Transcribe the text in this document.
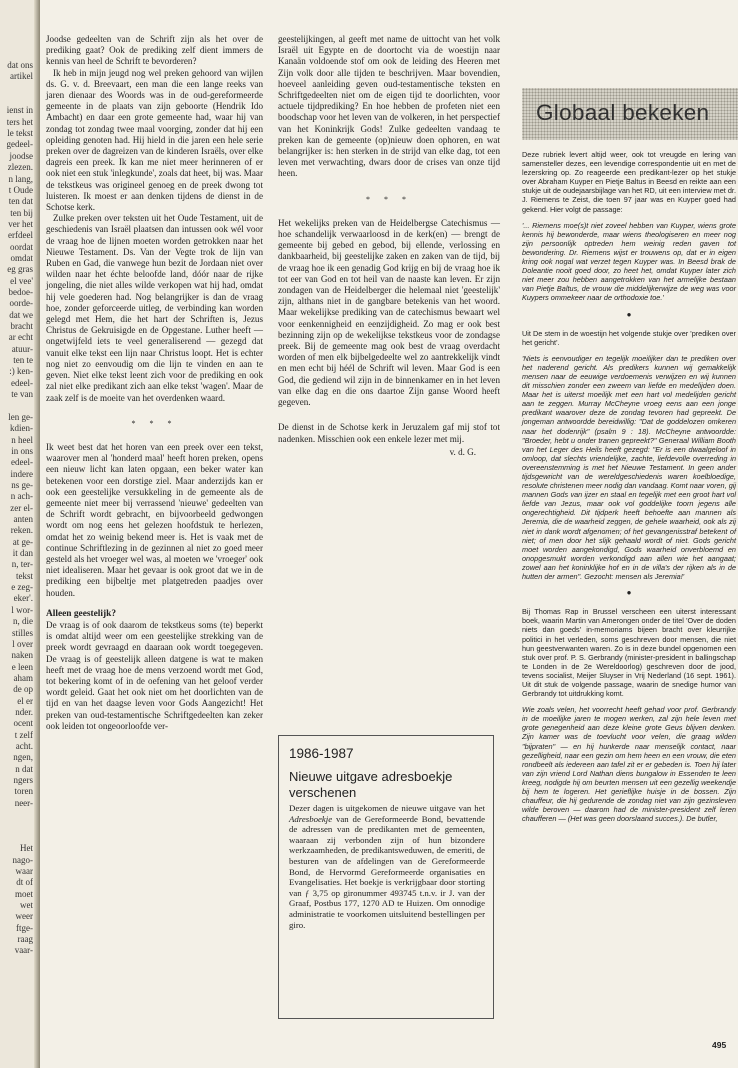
dat ons
artikel
ienst in
ters het
le tekst
gedeel-
joodse
zlezen.
n lang,
t Oude
ten dat
ten bij
ver het
erfdeel
oordat
omdat
eg gras
el vee'
bedoe-
oorde-
dat we
bracht
ar echt
atuur-
ten te
:) ken-
edeel-
te van
len ge-
kdien-
n heel
in ons
edeel-
indere
ns ge-
n ach-
zer el-
anten
reken.
at ge-
it dan
n, ter-
tekst
e zeg-
eker'.
l wor-
n, die
stilles
l over
naken
e leen
aham
de op
el er
nder.
ocent
t zelf
acht.
ngen,
n dat
ngers
toren
neer-
Het
nago-
waar
dt of
moet
wet
weer
ftge-
raag
vaar-

Joodse gedeelten van de Schrift zijn als het over de prediking gaat? Ook de prediking zelf dient immers de kennis van heel de Schrift te bevorderen?

Ik heb in mijn jeugd nog wel preken gehoord van wijlen ds. G. v. d. Breevaart, een man die een lange reeks van jaren dienaar des Woords was in de oud-gereformeerde gemeente in de plaats van zijn geboorte (Hendrik Ido Ambacht) en daar een grote gemeente had, waar hij van zondag tot zondag twee maal voorging, zonder dat hij een opleiding genoten had. Hij hield in die jaren een hele serie preken over de dagreizen van de kinderen Israëls, over elke dagreis een preek. Ik kan me niet meer herinneren of er ook niet een stuk 'inlegkunde', zoals dat heet, bij was. Maar de tekstkeus was origineel genoeg en de preek dwong tot luisteren. Ik moest er aan denken tijdens de dienst in de Schotse kerk.

Zulke preken over teksten uit het Oude Testament, uit de geschiedenis van Israël plaatsen dan intussen ook wél voor de vraag hoe de lijnen moeten worden getrokken naar het Nieuwe Testament. Ds. Van der Vegte trok de lijn van Ruben en Gad, die vanwege hun bezit de Jordaan niet over wilden naar het échte beloofde land, dóór naar de rijke jongeling, die niet alles wilde verkopen wat hij had, omdat hij vele goederen had. Nog belangrijker is dan de vraag hoe, zonder geforceerde uitleg, de verbinding kan worden gelegd met Hem, die het hart der Schriften is, Jezus Christus de Gekruisigde en de Opgestane. Luther heeft — ongetwijfeld iets te veel generaliserend — gezegd dat vanuit elke tekst een lijn naar Christus loopt. Het is echter nog niet zo eenvoudig om die lijn te vinden en aan te geven. Niet elke tekst leent zich voor de prediking en ook zal niet elke predikant zich aan elke tekst 'wagen'. Maar de zaak zelf is de moeite van het overdenken waard.

* * *

Ik weet best dat het horen van een preek over een tekst, waarover men al 'honderd maal' heeft horen preken, opens een nieuw licht kan laten opgaan, een beker water kan betekenen voor een dorstige ziel. Maar anderzijds kan er ook een geestelijke versukkeling in de gemeente als de gemeente niet meer bij verrassend 'nieuwe' gedeelten van de Schrift wordt gebracht, en bijvoorbeeld gedwongen wordt om nog eens het gelezen hoofdstuk te herlezen, omdat het zo weinig bekend meer is. Het is vaak met de continue Schriftlezing in de gezinnen al niet zo goed meer gesteld als het vroeger wel was, al moeten we 'vroeger' ook niet idealiseren. Maar het gevaar is ook groot dat we in de prediking een bijbeltje met platgetreden paadjes over houden.

Alleen geestelijk?

De vraag is of ook daarom de tekstkeus soms (te) beperkt is omdat altijd weer om een geestelijke strekking van de preek wordt gevraagd en daaraan ook wordt toegegeven. De vraag is of geestelijk alleen datgene is wat te maken heeft met de vraag hoe de mens verzoend wordt met God, tot bekering komt of in de oefening van het geloof verder wordt geleid. Gaat het ook niet om het doorlichten van de tijd en van het daagse leven voor Gods Aangezicht! Het preken van oud-testamentische Schriftgedeelten kan zeker ook leiden tot ongeoorloofde ver-

geestelijkingen, al geeft met name de uittocht van het volk Israël uit Egypte en de doortocht via de woestijn naar Kanaän voldoende stof om ook de leiding des Heeren met Zijn volk door alle tijden te beschrijven. Maar bovendien, hoeveel aanleiding geven oud-testamentische teksten en Schriftgedeelten niet om de eigen tijd te doorlichten, voor actuele tijdprediking? En hoe hebben de profeten niet een boodschap voor het leven van de volkeren, in het perspectief van het Koninkrijk Gods! Zulke gedeelten vandaag te preken kan de gemeente (op)nieuw doen ophoren, en wat belangrijker is: hen sterken in de strijd van elke dag, tot een leven met verwachting, dwars door de crises van onze tijd heen.

* * *

Het wekelijks preken van de Heidelbergse Catechismus — hoe schandelijk verwaarloosd in de kerk(en) — brengt de gemeente bij gebed en gebod, bij ellende, verlossing en dankbaarheid, bij geestelijke zaken en zaken van de tijd, bij de vraag hoe ik een genadig God krijg en bij de vraag hoe ik tot eer van God en tot heil van de naaste kan leven. Er zijn zondagen van de Heidelberger die helemaal niet 'geestelijk' zijn, althans niet in de gangbare betekenis van het woord. Maar wekelijkse prediking van de catechismus bewaart wel voor eenkennigheid en eenzijdigheid. Zo mag er ook best bezinning zijn op de wekelijkse tekstkeus voor de zondagse preek. Bij de gemeente mag ook best de vraag overdacht worden of men elk bijbelgedeelte wel zo aantrekkelijk vindt en men echt bij héél de Schrift wil leven. Maar God is een God, die gediend wil zijn in de binnenkamer en in het leven van elke dag en die ons daartoe Zijn ganse Woord heeft gegeven.

De dienst in de Schotse kerk in Jeruzalem gaf mij stof tot nadenken. Misschien ook een enkele lezer met mij.

v. d. G.
1986-1987
Nieuwe uitgave adresboekje verschenen

Dezer dagen is uitgekomen de nieuwe uitgave van het Adresboekje van de Gereformeerde Bond, bevattende de adressen van de predikanten met de gemeenten, waaraan zij verbonden zijn of hun bizondere werkzaamheden, de predikantsweduwen, de emeriti, de besturen van de afdelingen van de Gereformeerde Bond, de Hervormd Gereformeerde organisaties en Evangelisaties. Het boekje is verkrijgbaar door storting van ƒ 3,75 op gironummer 493745 t.n.v. ir J. van der Graaf, Postbus 177, 1270 AD te Huizen. Om onnodige administratie te voorkomen uitsluitend bestellingen per giro.

Globaal bekeken

Deze rubriek levert altijd weer, ook tot vreugde en lering van samensteller dezes, een levendige correspondentie uit en met de lezerskring op. Zo reageerde een predikant-lezer op het stukje over Abraham Kuyper en Pietje Baltus in Beesd en reikte aan een stukje uit de oudejaarsbijlage van het RD, uit een interview met dr. J. Riemens te Zeist, die toen 97 jaar was en Kuyper goed had gekend. Hier volgt de passage:

'... Riemens moe(s)t niet zoveel hebben van Kuyper, wiens grote kennis hij bewonderde, maar wiens theologiseren en meer nog zijn persoonlijk optreden hem weinig reden gaven tot bewondering. Dr. Riemens wijst er trouwens op, dat er in eigen kring ook nogal wat verzet tegen Kuyper was. In Beesd brak de Doleantie nooit goed door, zo heet het, omdat Kuyper later zich niet meer zou hebben aangetrokken van het armelijke bestaan van Pietje Baltus, de vrouw die middelijkerwijze de weg was voor Kuypers ommekeer naar de orthodoxie toe.'

●

Uit De stem in de woestijn het volgende stukje over 'prediken over het gericht'.

'Niets is eenvoudiger en tegelijk moeilijker dan te prediken over het naderend gericht. Als predikers kunnen wij gemakkelijk mensen naar de eeuwige verdoemenis verwijzen en wij kunnen dit misschien zonder een zweem van liefde en medelijden doen. Maar het is uiterst moeilijk met een hart vol medelijden gericht aan te zeggen. Murray McCheyne vroeg eens aan een jonge predikant waarover deze de zondag tevoren had gepreekt. De jongeman antwoordde bereidwillig: "Dat de goddelozen omkeren naar het dodenrijk" (psalm 9 : 18). McCheyne antwoordde: "Broeder, hebt u onder tranen gepreekt?" Generaal William Booth van het Leger des Heils heeft gezegd: "Er is een dwaalgeloof in omloop, dat slechts vriendelijke, zachte, liefdevolle overreding in overeenstemming is met het Nieuwe Testament. In geen ander tijdsgewricht van de wereldgeschiedenis waren koelbloedige, resolute christenen meer nodig dan vandaag. Komt naar voren, gij mannen Gods van ijzer en staal en tegelijk met een groot hart vol liefde van Jezus, maar ook vol goddelijke toorn jegens alle ongerechtigheid. Dit tijdperk heeft behoefte aan mannen als Jeremia, die de waarheid zeggen, de gehele waarheid, ook als zij niet in dank wordt afgenomen; of het gevangenisstraf betekent of niet; of men door het slijk gehaald wordt of niet. Gods gericht moet worden aangekondigd, Gods waarheid onverbloemd en onopgesmukt worden verkondigd aan allen wie het aangaat; zowel aan het koninklijke hof en in de villa's der rijken als in de hutten der armen". Gezocht: mensen als Jeremia!'

●

Bij Thomas Rap in Brussel verscheen een uiterst interessant boek, waarin Martin van Amerongen onder de titel 'Over de doden niets dan goeds' in-memoriams bijeen bracht over kleurrijke politici in het verleden, soms geschreven door mensen, die niet hun geestverwanten waren. Zo is in deze bundel opgenomen een stuk over prof. P. S. Gerbrandy (minister-president in ballingschap te Londen in de 2e Wereldoorlog) geschreven door de jood, tevens socialist, Meijer Sluyser in Vrij Nederland (16 sept. 1961). Uit dit stuk de volgende passage, waarin de snedige humor van Gerbrandy tot uitdrukking komt.

Wie zoals velen, het voorrecht heeft gehad voor prof. Gerbrandy in de moeilijke jaren te mogen werken, zal zijn hele leven met grote genegenheid aan deze kleine grote Geus blijven denken. Zijn kamer was de toevlucht voor velen, die graag wilden "bijpraten" — en hij hunkerde naar menselijk contact, naar gezelligheid, naar een gezin om hem heen en een vrouw, die eten rondbeelt als iedereen aan tafel zit er er gebeden is. Toen hij later van zijn vriend Lord Nathan diens bungalow in Essenden te leen kreeg, nodigde hij om beurten mensen uit een gezellig weekendje bij hem te logeren. Het gerieflijke huisje in de bossen. Zijn chauffeur, die hij gedurende de zondag niet van zijn gezinsleven wilde beroven — daarom had de minister-president zelf leren chaufferen — (Het was geen doorslaand succes.). De butler,

495
